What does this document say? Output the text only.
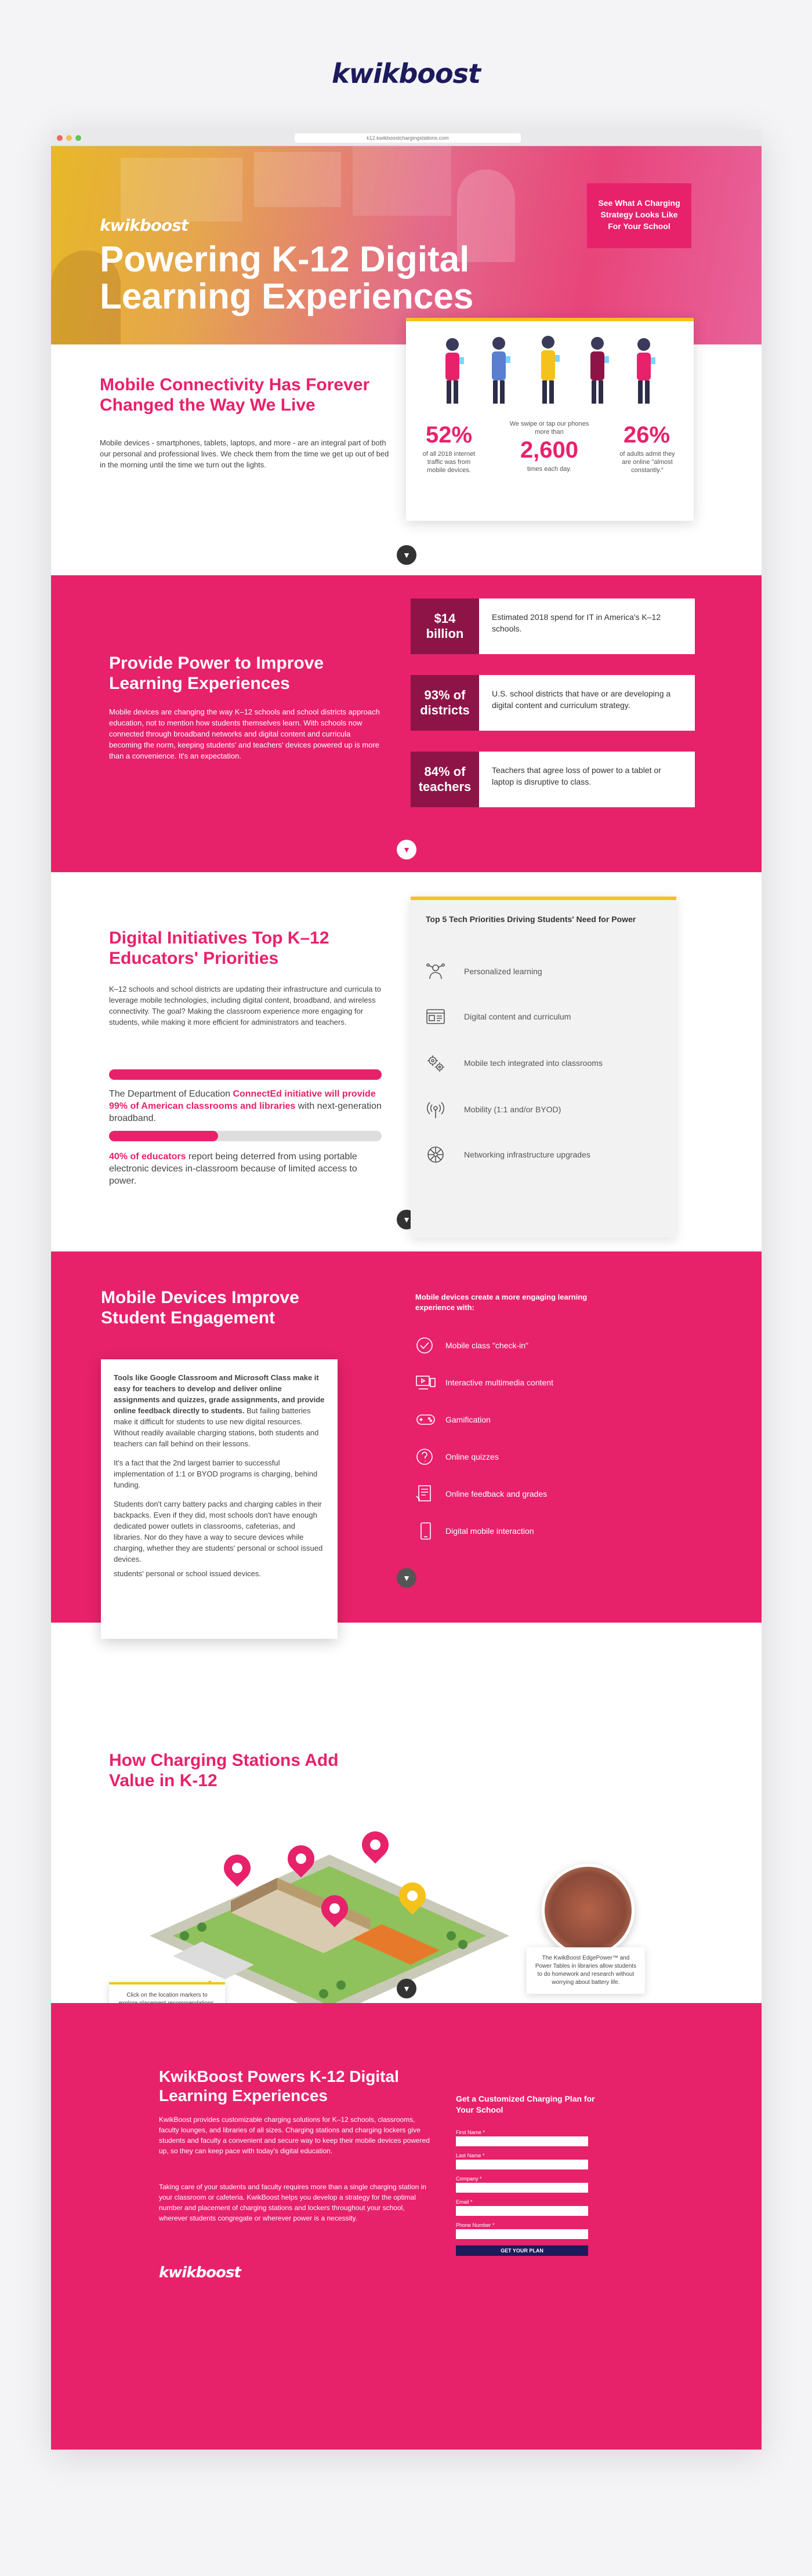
kwikboost
k12.kwikboostchargingstations.com
kwikboost
Powering K-12 Digital Learning Experiences
See What A Charging Strategy Looks Like For Your School
Mobile Connectivity Has Forever Changed the Way We Live
Mobile devices - smartphones, tablets, laptops, and more - are an integral part of both our personal and professional lives. We check them from the time we get up out of bed in the morning until the time we turn out the lights.
52%
of all 2018 internet traffic was from mobile devices.
We swipe or tap our phones more than
2,600
times each day.
26%
of adults admit they are online "almost constantly."
▼
Provide Power to Improve Learning Experiences
Mobile devices are changing the way K–12 schools and school districts approach education, not to mention how students themselves learn. With schools now connected through broadband networks and digital content and curricula becoming the norm, keeping students' and teachers' devices powered up is more than a convenience. It's an expectation.
$14 billion
Estimated 2018 spend for IT in America's K–12 schools.
93% of districts
U.S. school districts that have or are developing a digital content and curriculum strategy.
84% of teachers
Teachers that agree loss of power to a tablet or laptop is disruptive to class.
▼
Digital Initiatives Top K–12 Educators' Priorities
K–12 schools and school districts are updating their infrastructure and curricula to leverage mobile technologies, including digital content, broadband, and wireless connectivity. The goal? Making the classroom experience more engaging for students, while making it more efficient for administrators and teachers.
The Department of Education ConnectEd initiative will provide 99% of American classrooms and libraries with next-generation broadband.
40% of educators report being deterred from using portable electronic devices in-classroom because of limited access to power.
▼
Top 5 Tech Priorities Driving Students' Need for Power
Personalized learning
Digital content and curriculum
Mobile tech integrated into classrooms
Mobility (1:1 and/or BYOD)
Networking infrastructure upgrades
Mobile Devices Improve Student Engagement

Tools like Google Classroom and Microsoft Class make it easy for teachers to develop and deliver online assignments and quizzes, grade assignments, and provide online feedback directly to students. But failing batteries make it difficult for students to use new digital resources. Without readily available charging stations, both students and teachers can fall behind on their lessons.

It's a fact that the 2nd largest barrier to successful implementation of 1:1 or BYOD programs is charging, behind funding.

Students don't carry battery packs and charging cables in their backpacks. Even if they did, most schools don't have enough dedicated power outlets in classrooms, cafeterias, and libraries. Nor do they have a way to secure devices while charging, whether they are students' personal or school issued devices.

students' personal or school issued devices.

Mobile devices create a more engaging learning experience with:
Mobile class "check-in"
Interactive multimedia content
Gamification
Online quizzes
Online feedback and grades
Digital mobile interaction
▼
How Charging Stations Add Value in K-12
The KwikBoost EdgePower™ and Power Tables in libraries allow students to do homework and research without worrying about battery life.
Click on the location markers to
▼
KwikBoost Powers K-12 Digital Learning Experiences
KwikBoost provides customizable charging solutions for K–12 schools, classrooms, faculty lounges, and libraries of all sizes. Charging stations and charging lockers give students and faculty a convenient and secure way to keep their mobile devices powered up, so they can keep pace with today's digital education.
Taking care of your students and faculty requires more than a single charging station in your classroom or cafeteria. KwikBoost helps you develop a strategy for the optimal number and placement of charging stations and lockers throughout your school, wherever students congregate or wherever power is a necessity.
kwikboost
Get a Customized Charging Plan for Your School
First Name *
Last Name *
Company *
Email *
Phone Number *
GET YOUR PLAN
